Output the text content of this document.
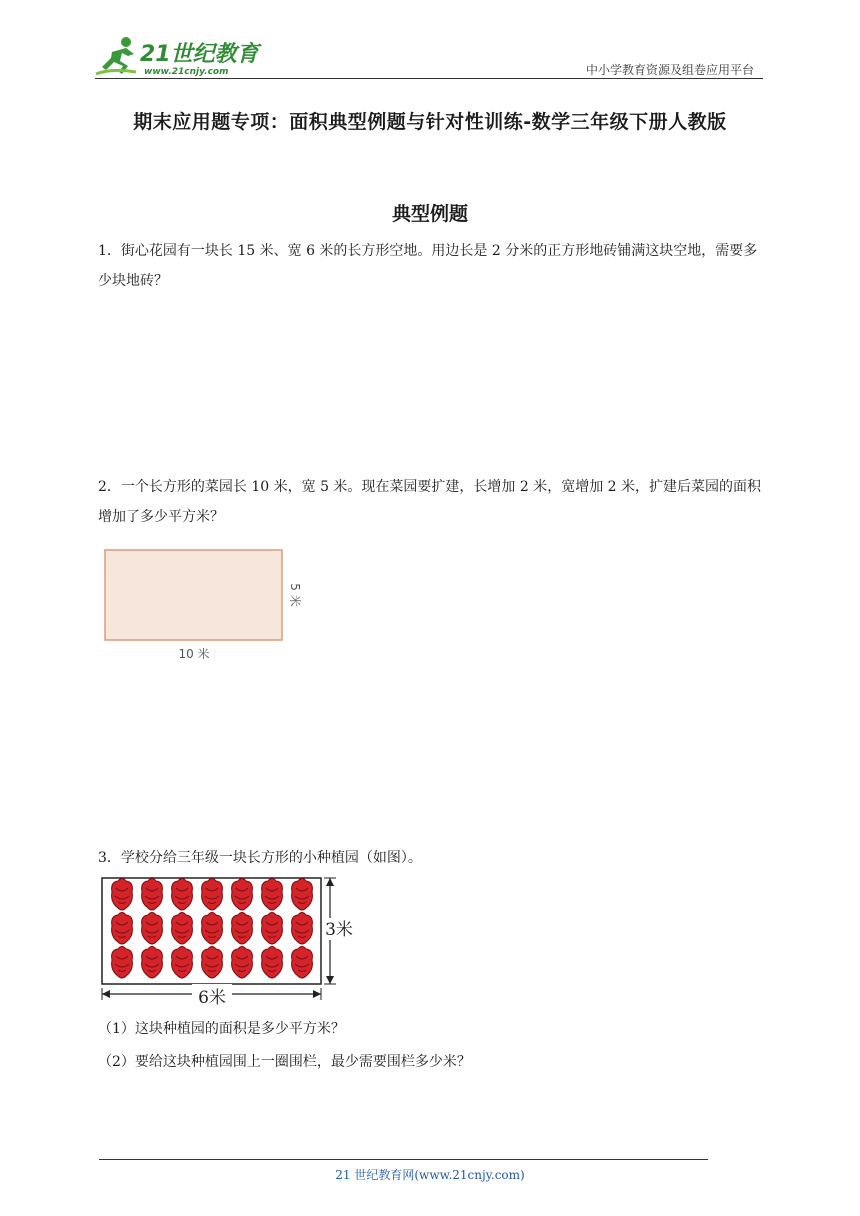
21世纪教育
www.21cnjy.com	中小学教育资源及组卷应用平台
期末应用题专项：面积典型例题与针对性训练-数学三年级下册人教版
典型例题
1．街心花园有一块长 15 米、宽 6 米的长方形空地。用边长是 2 分米的正方形地砖铺满这块空地，需要多少块地砖？
2．一个长方形的菜园长 10 米，宽 5 米。现在菜园要扩建，长增加 2 米，宽增加 2 米，扩建后菜园的面积增加了多少平方米？
10 米
5 米
3．学校分给三年级一块长方形的小种植园（如图）。
3米
6米
（1）这块种植园的面积是多少平方米？
（2）要给这块种植园围上一圈围栏，最少需要围栏多少米？
21 世纪教育网(www.21cnjy.com)
